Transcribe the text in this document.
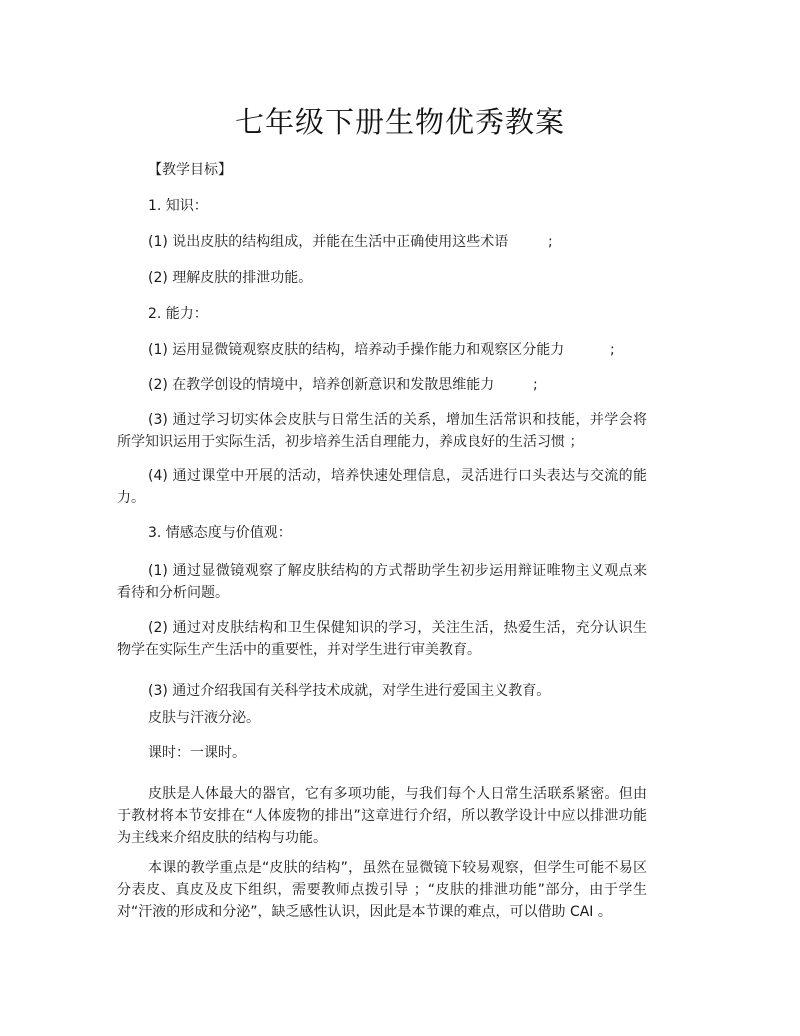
七年级下册生物优秀教案
【教学目标】
1. 知识：
(1) 说出皮肤的结构组成，并能在生活中正确使用这些术语	;
(2) 理解皮肤的排泄功能。
2. 能力：
(1) 运用显微镜观察皮肤的结构，培养动手操作能力和观察区分能力	;
(2) 在教学创设的情境中，培养创新意识和发散思维能力	;
(3) 通过学习切实体会皮肤与日常生活的关系，增加生活常识和技能，并学会将所学知识运用于实际生活，初步培养生活自理能力，养成良好的生活习惯 ；
(4) 通过课堂中开展的活动，培养快速处理信息，灵活进行口头表达与交流的能力。
3. 情感态度与价值观：
(1) 通过显微镜观察了解皮肤结构的方式帮助学生初步运用辩证唯物主义观点来看待和分析问题。
(2) 通过对皮肤结构和卫生保健知识的学习，关注生活，热爱生活，充分认识生物学在实际生产生活中的重要性，并对学生进行审美教育。
(3) 通过介绍我国有关科学技术成就，对学生进行爱国主义教育。
皮肤与汗液分泌。
课时：一课时。
皮肤是人体最大的器官，它有多项功能，与我们每个人日常生活联系紧密。但由于教材将本节安排在“人体废物的排出”这章进行介绍，所以教学设计中应以排泄功能为主线来介绍皮肤的结构与功能。
本课的教学重点是“皮肤的结构”，虽然在显微镜下较易观察，但学生可能不易区分表皮、真皮及皮下组织，需要教师点拨引导 ；“皮肤的排泄功能”部分，由于学生对“汗液的形成和分泌”，缺乏感性认识，因此是本节课的难点，可以借助 CAI 。
